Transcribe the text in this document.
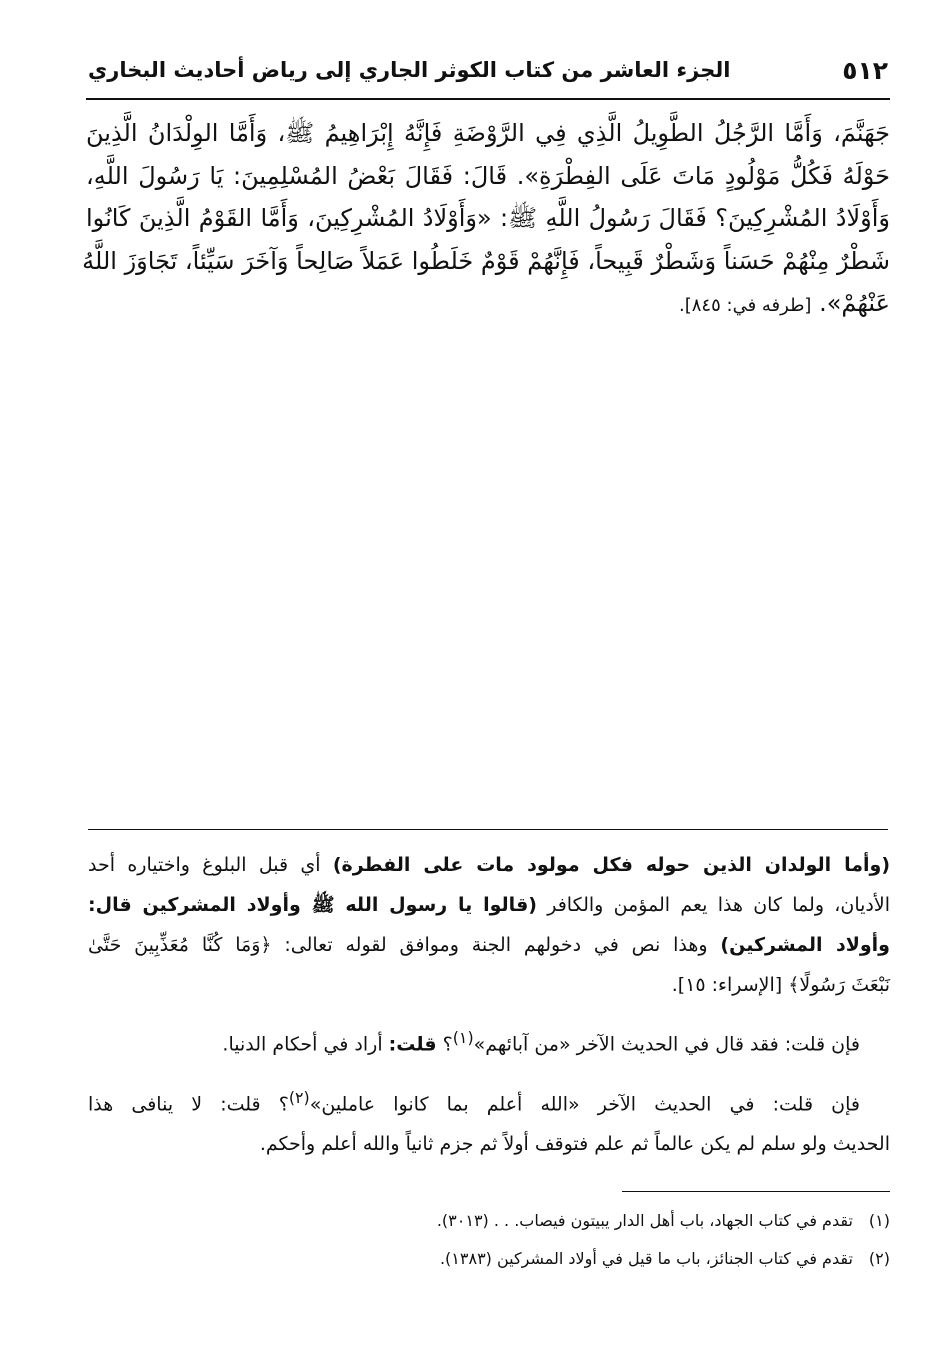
٥١٢
الجزء العاشر من كتاب الكوثر الجاري إلى رياض أحاديث البخاري
جَهَنَّمَ، وَأَمَّا الرَّجُلُ الطَّوِيلُ الَّذِي فِي الرَّوْضَةِ فَإِنَّهُ إِبْرَاهِيمُ ﷺ، وَأَمَّا الوِلْدَانُ الَّذِينَ
حَوْلَهُ فَكُلُّ مَوْلُودٍ مَاتَ عَلَى الفِطْرَةِ». قَالَ: فَقَالَ بَعْضُ المُسْلِمِينَ: يَا رَسُولَ اللَّهِ،
وَأَوْلَادُ المُشْرِكِينَ؟ فَقَالَ رَسُولُ اللَّهِ ﷺ: «وَأَوْلَادُ المُشْرِكِينَ، وَأَمَّا القَوْمُ الَّذِينَ كَانُوا
شَطْرٌ مِنْهُمْ حَسَناً وَشَطْرٌ قَبِيحاً، فَإِنَّهُمْ قَوْمٌ خَلَطُوا عَمَلاً صَالِحاً وَآخَرَ سَيِّئاً، تَجَاوَزَ اللَّهُ
عَنْهُمْ». [طرفه في: ٨٤٥].
(وأما الولدان الذين حوله فكل مولود مات على الفطرة) أي قبل البلوغ واختياره أحد
الأديان، ولما كان هذا يعم المؤمن والكافر (قالوا يا رسول الله ﷺ وأولاد المشركين قال:
وأولاد المشركين) وهذا نص في دخولهم الجنة وموافق لقوله تعالى: ﴿وَمَا كُنَّا مُعَذِّبِينَ حَتَّىٰ
نَبْعَثَ رَسُولًا﴾ [الإسراء: ١٥].
فإن قلت: فقد قال في الحديث الآخر «من آبائهم»$^{(١)}$؟ قلت: أراد في أحكام الدنيا.
فإن قلت: في الحديث الآخر «الله أعلم بما كانوا عاملين»$^{(٢)}$؟ قلت: لا ينافى هذا
الحديث ولو سلم لم يكن عالماً ثم علم فتوقف أولاً ثم جزم ثانياً والله أعلم وأحكم.
(١)تقدم في كتاب الجهاد، باب أهل الدار يبيتون فيصاب. . . (٣٠١٣).
(٢)تقدم في كتاب الجنائز، باب ما قيل في أولاد المشركين (١٣٨٣).
